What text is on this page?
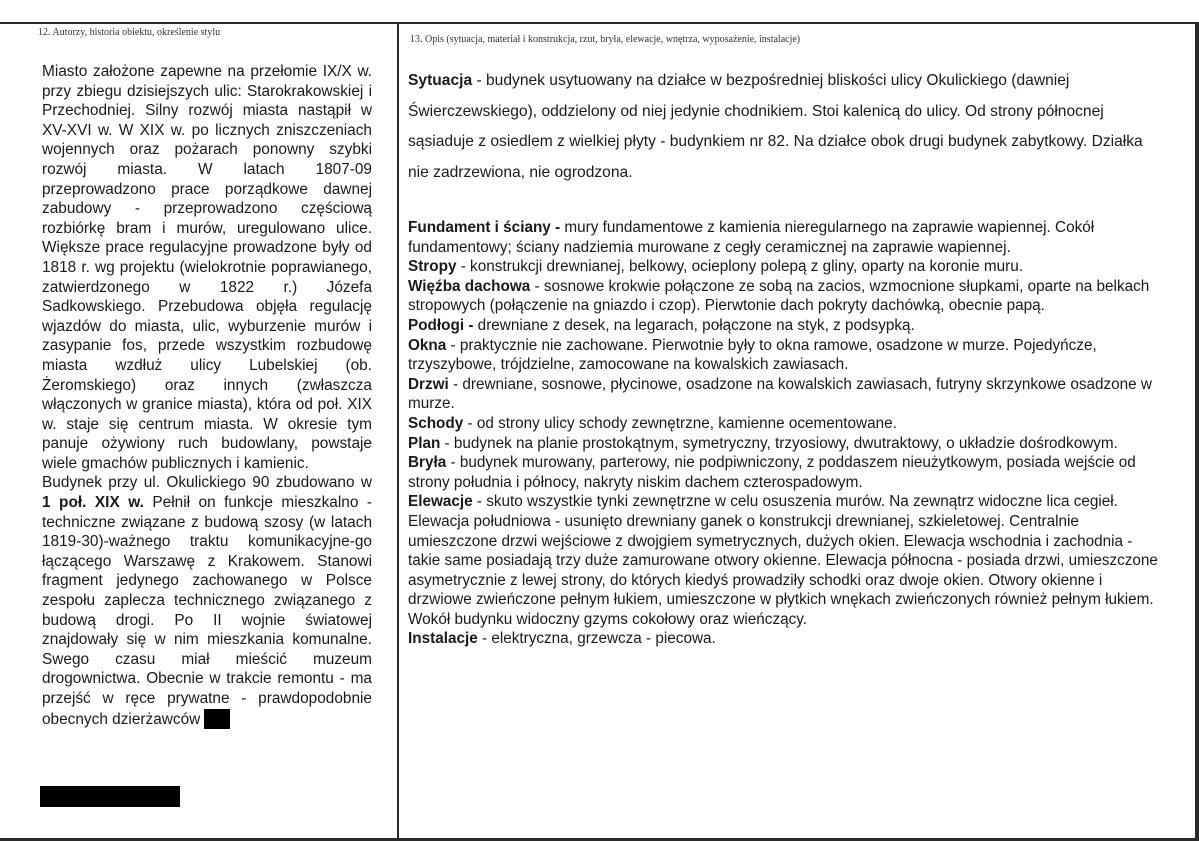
12. Autorzy, historia obiektu, określenie stylu
13. Opis (sytuacja, materiał i konstrukcja, rzut, bryła, elewacje, wnętrza, wyposażenie, instalacje)

Miasto założone zapewne na przełomie IX/X w. przy zbiegu dzisiejszych ulic: Starokrakowskiej i Przechodniej. Silny rozwój miasta nastąpił w XV-XVI w. W XIX w. po licznych zniszczeniach wojennych oraz pożarach ponowny szybki rozwój miasta. W latach 1807-09 przeprowadzono prace porządkowe dawnej zabudowy - przeprowadzono częściową rozbiórkę bram i murów, uregulowano ulice. Większe prace regulacyjne prowadzone były od 1818 r. wg projektu (wielokrotnie poprawianego, zatwierdzonego w 1822 r.) Józefa Sadkowskiego. Przebudowa objęła regulację wjazdów do miasta, ulic, wyburzenie murów i zasypanie fos, przede wszystkim rozbudowę miasta wzdłuż ulicy Lubelskiej (ob. Żeromskiego) oraz innych (zwłaszcza włączonych w granice miasta), która od poł. XIX w. staje się centrum miasta. W okresie tym panuje ożywiony ruch budowlany, powstaje wiele gmachów publicznych i kamienic.

Budynek przy ul. Okulickiego 90 zbudowano w 1 poł. XIX w. Pełnił on funkcje mieszkalno - techniczne związane z budową szosy (w latach 1819-30)-ważnego traktu komunikacyjne-go łączącego Warszawę z Krakowem. Stanowi fragment jedynego zachowanego w Polsce zespołu zaplecza technicznego związanego z budową drogi. Po II wojnie światowej znajdowały się w nim mieszkania komunalne. Swego czasu miał mieścić muzeum drogownictwa. Obecnie w trakcie remontu - ma przejść w ręce prywatne - prawdopodobnie obecnych dzierżawców

Sytuacja - budynek usytuowany na działce w bezpośredniej bliskości ulicy Okulickiego (dawniej Świerczewskiego), oddzielony od niej jedynie chodnikiem. Stoi kalenicą do ulicy. Od strony północnej sąsiaduje z osiedlem z wielkiej płyty - budynkiem nr 82. Na działce obok drugi budynek zabytkowy. Działka nie zadrzewiona, nie ogrodzona.

Fundament i ściany - mury fundamentowe z kamienia nieregularnego na zaprawie wapiennej. Cokół fundamentowy; ściany nadziemia murowane z cegły ceramicznej na zaprawie wapiennej.

Stropy - konstrukcji drewnianej, belkowy, ocieplony polepą z gliny, oparty na koronie muru.

Więźba dachowa - sosnowe krokwie połączone ze sobą na zacios, wzmocnione słupkami, oparte na belkach stropowych (połączenie na gniazdo i czop). Pierwtonie dach pokryty dachówką, obecnie papą.

Podłogi - drewniane z desek, na legarach, połączone na styk, z podsypką.

Okna - praktycznie nie zachowane. Pierwotnie były to okna ramowe, osadzone w murze. Pojedyńcze, trzyszybowe, trójdzielne, zamocowane na kowalskich zawiasach.

Drzwi - drewniane, sosnowe, płycinowe, osadzone na kowalskich zawiasach, futryny skrzynkowe osadzone w murze.

Schody - od strony ulicy schody zewnętrzne, kamienne ocementowane.

Plan - budynek na planie prostokątnym, symetryczny, trzyosiowy, dwutraktowy, o układzie dośrodkowym.

Bryła - budynek murowany, parterowy, nie podpiwniczony, z poddaszem nieużytkowym, posiada wejście od strony południa i północy, nakryty niskim dachem czterospadowym.

Elewacje - skuto wszystkie tynki zewnętrzne w celu osuszenia murów. Na zewnątrz widoczne lica cegieł. Elewacja południowa - usunięto drewniany ganek o konstrukcji drewnianej, szkieletowej. Centralnie umieszczone drzwi wejściowe z dwojgiem symetrycznych, dużych okien. Elewacja wschodnia i zachodnia - takie same posiadają trzy duże zamurowane otwory okienne. Elewacja północna - posiada drzwi, umieszczone asymetrycznie z lewej strony, do których kiedyś prowadziły schodki oraz dwoje okien. Otwory okienne i drzwiowe zwieńczone pełnym łukiem, umieszczone w płytkich wnękach zwieńczonych również pełnym łukiem. Wokół budynku widoczny gzyms cokołowy oraz wieńczący.

Instalacje - elektryczna, grzewcza - piecowa.
